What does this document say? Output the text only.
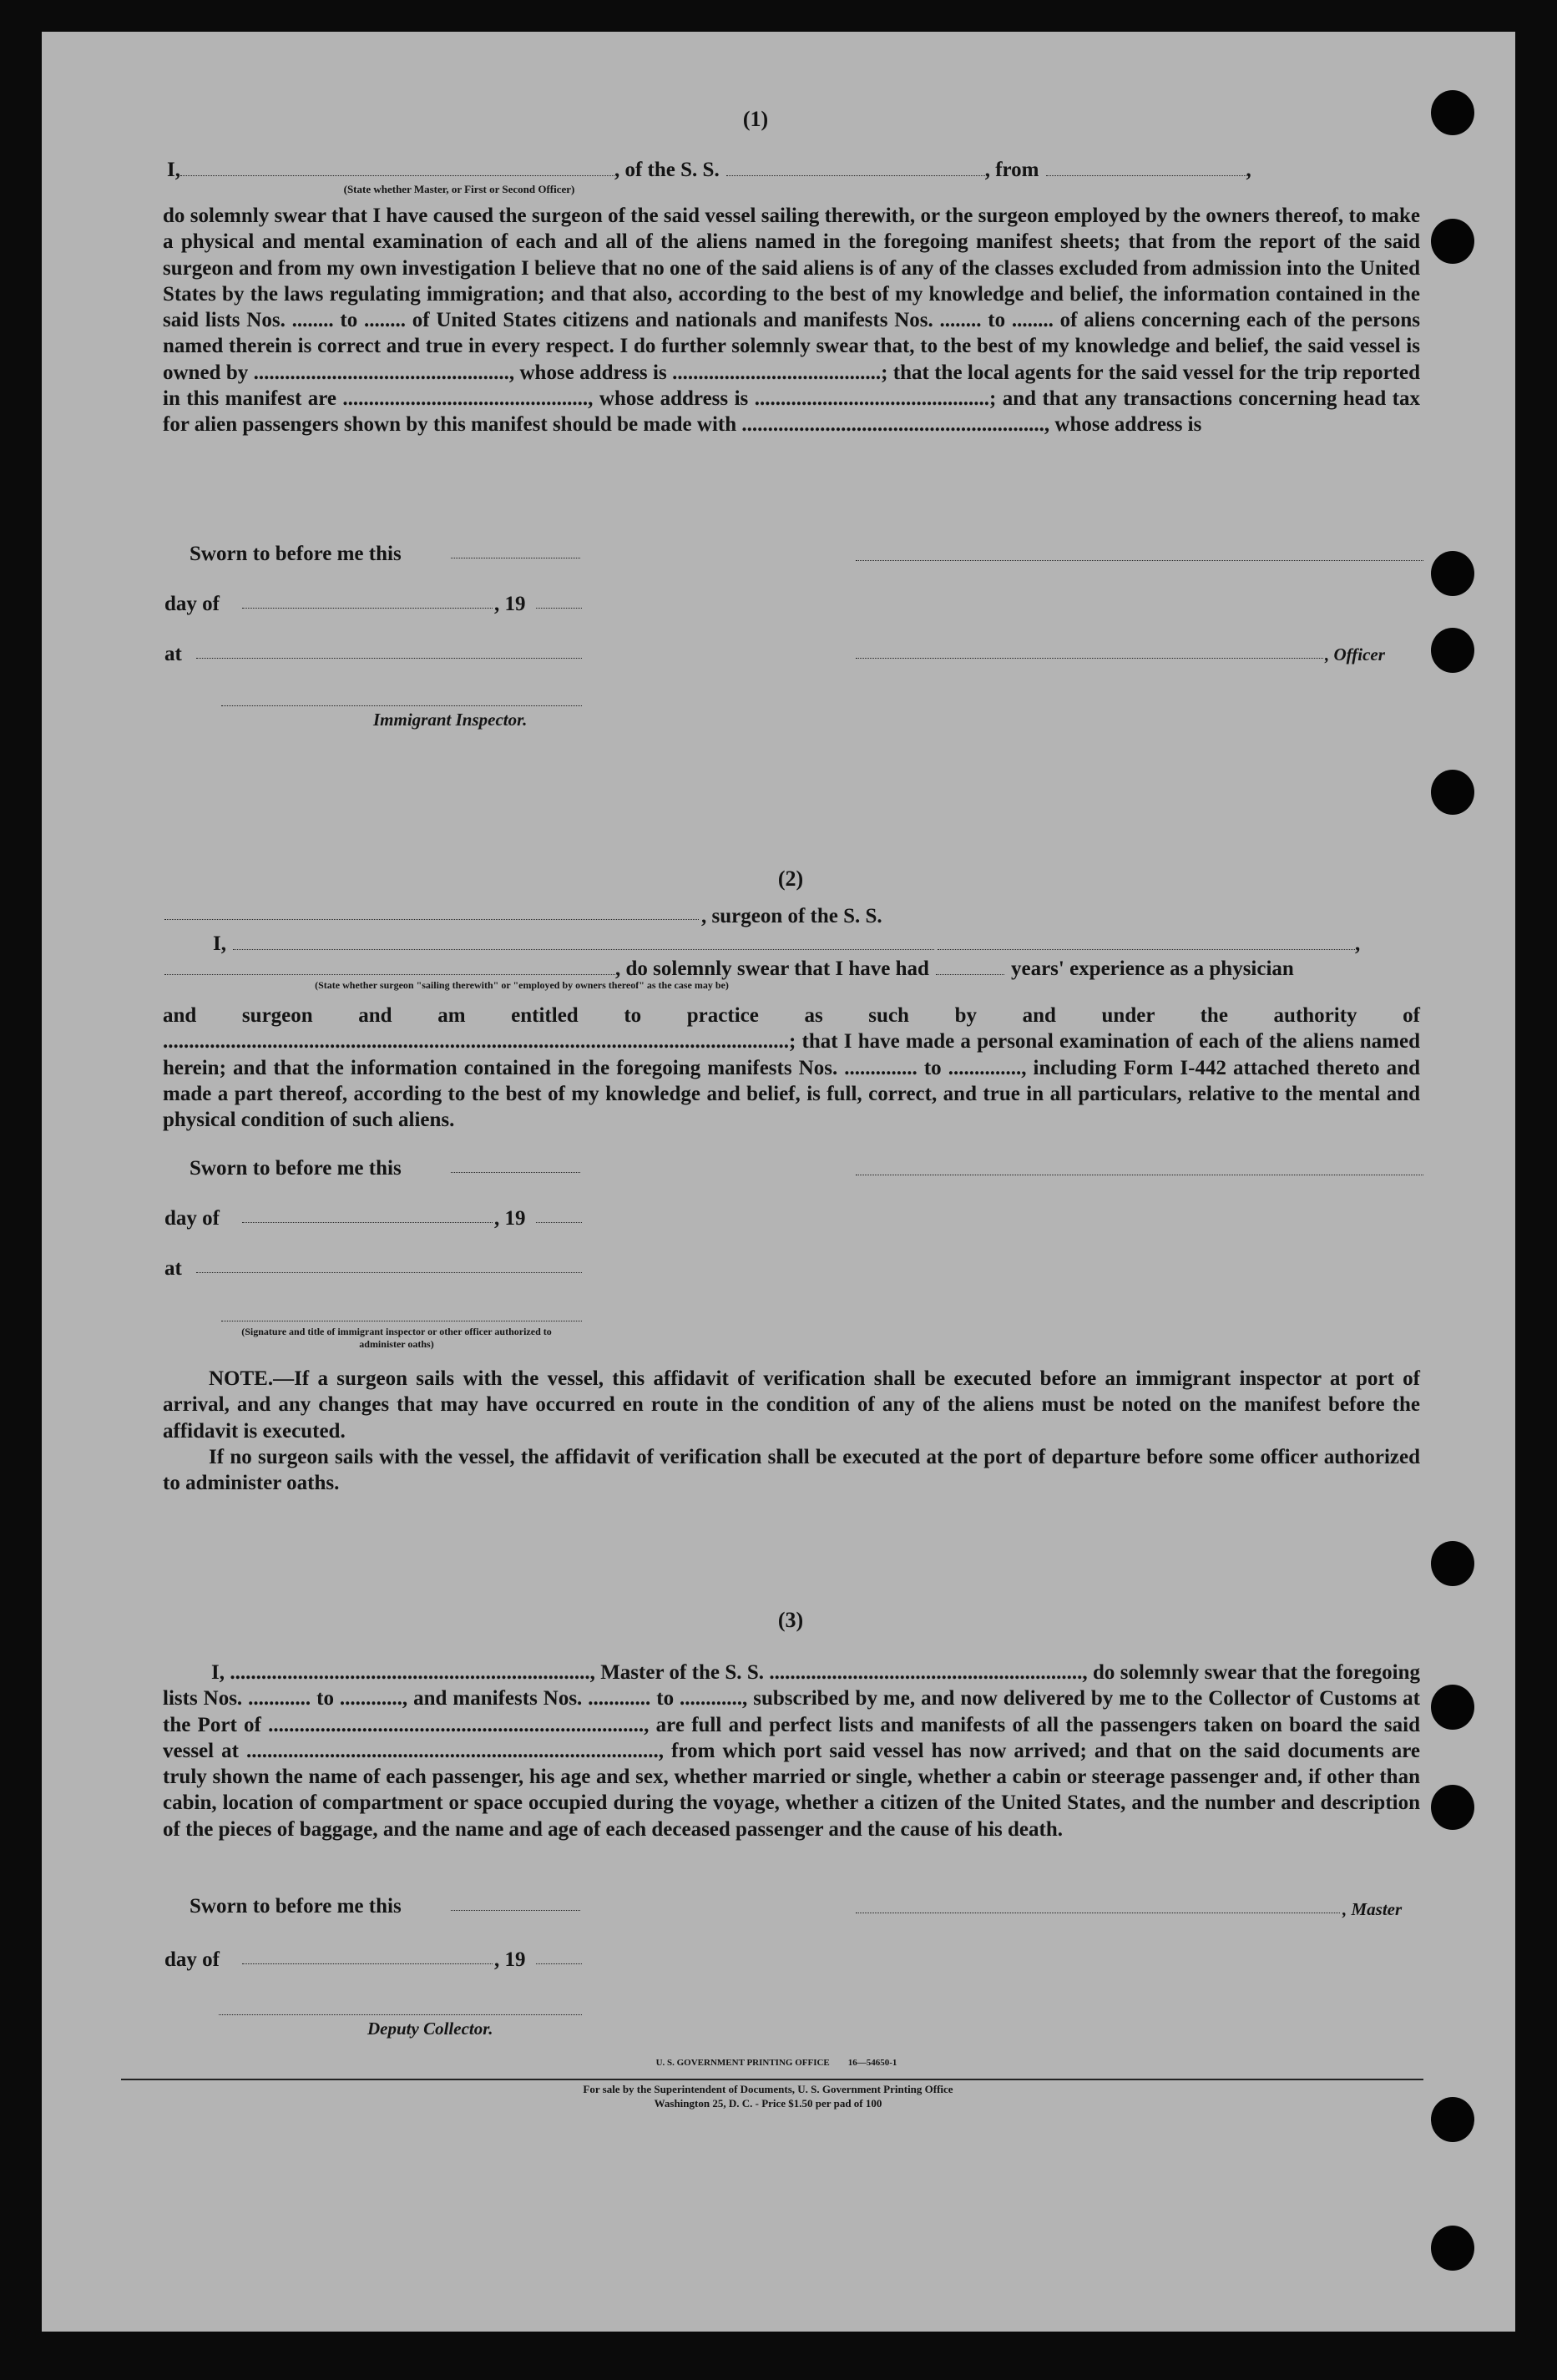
(1)
I,	, of the S. S.	, from	,
(State whether Master, or First or Second Officer)

do solemnly swear that I have caused the surgeon of the said vessel sailing therewith, or the surgeon employed by the owners thereof, to make a physical and mental examination of each and all of the aliens named in the foregoing manifest sheets; that from the report of the said surgeon and from my own investigation I believe that no one of the said aliens is of any of the classes excluded from admission into the United States by the laws regulating immigration; and that also, according to the best of my knowledge and belief, the information contained in the said lists Nos. ........ to ........ of United States citizens and nationals and manifests Nos. ........ to ........ of aliens concerning each of the persons named therein is correct and true in every respect. I do further solemnly swear that, to the best of my knowledge and belief, the said vessel is owned by ................................................., whose address is ........................................; that the local agents for the said vessel for the trip reported in this manifest are ..............................................., whose address is .............................................; and that any transactions concerning head tax for alien passengers shown by this manifest should be made with .........................................................., whose address is

Sworn to before me this
day of	, 19
, Officer
at
Immigrant Inspector.
(2)
, surgeon of the S. S.
I,	,
, do solemnly swear that I have had	years' experience as a physician
(State whether surgeon "sailing therewith" or "employed by owners thereof" as the case may be)

and surgeon and am entitled to practice as such by and under the authority of ........................................................................................................................; that I have made a personal examination of each of the aliens named herein; and that the information contained in the foregoing manifests Nos. .............. to .............., including Form I-442 attached thereto and made a part thereof, according to the best of my knowledge and belief, is full, correct, and true in all particulars, relative to the mental and physical condition of such aliens.

Sworn to before me this
day of	, 19
at
(Signature and title of immigrant inspector or other officer authorized to administer oaths)

NOTE.—If a surgeon sails with the vessel, this affidavit of verification shall be executed before an immigrant inspector at port of arrival, and any changes that may have occurred en route in the condition of any of the aliens must be noted on the manifest before the affidavit is executed.

If no surgeon sails with the vessel, the affidavit of verification shall be executed at the port of departure before some officer authorized to administer oaths.

(3)

I, ....................................................................., Master of the S. S. ............................................................, do solemnly swear that the foregoing lists Nos. ............ to ............, and manifests Nos. ............ to ............, subscribed by me, and now delivered by me to the Collector of Customs at the Port of ........................................................................, are full and perfect lists and manifests of all the passengers taken on board the said vessel at ..............................................................................., from which port said vessel has now arrived; and that on the said documents are truly shown the name of each passenger, his age and sex, whether married or single, whether a cabin or steerage passenger and, if other than cabin, location of compartment or space occupied during the voyage, whether a citizen of the United States, and the number and description of the pieces of baggage, and the name and age of each deceased passenger and the cause of his death.

Sworn to before me this	, Master
day of	, 19
Deputy Collector.
U. S. GOVERNMENT PRINTING OFFICE        16—54650-1
For sale by the Superintendent of Documents, U. S. Government Printing Office
Washington 25, D. C. - Price $1.50 per pad of 100
